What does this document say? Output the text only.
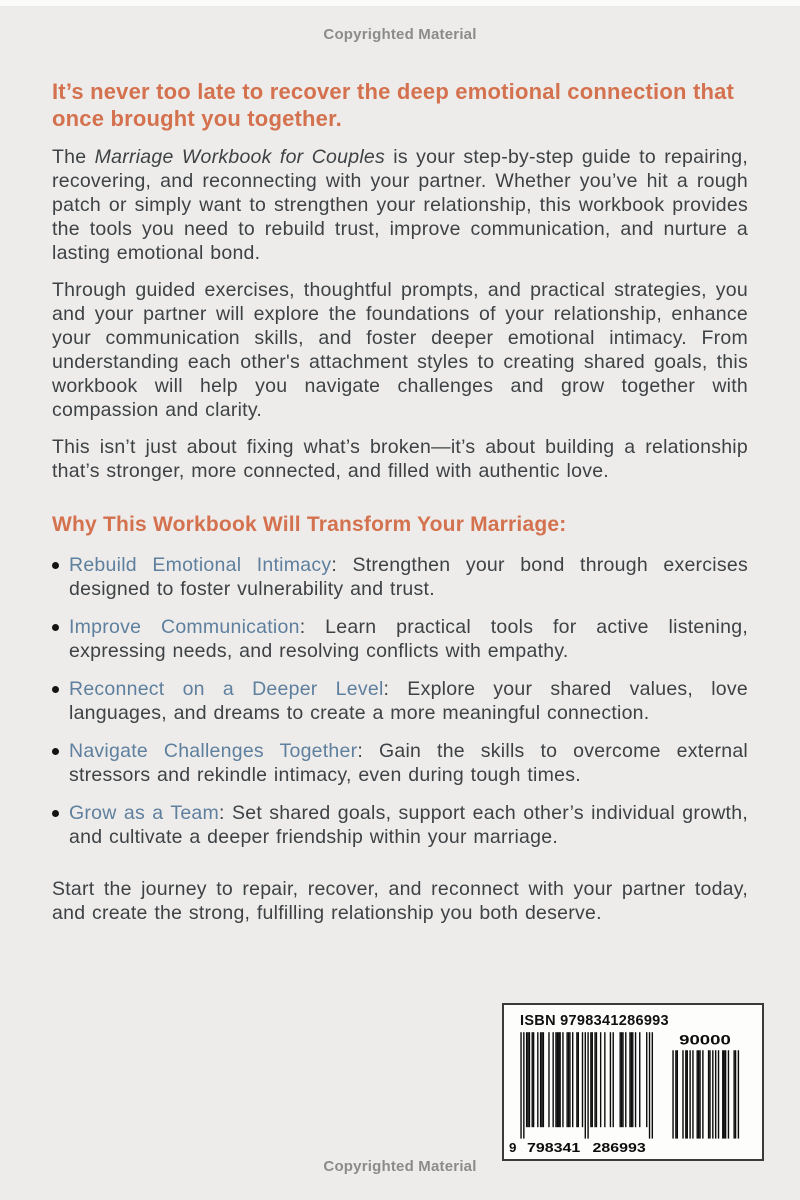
Copyrighted Material
It’s never too late to recover the deep emotional connection that once brought you together.

The Marriage Workbook for Couples is your step-by-step guide to repairing, recovering, and reconnecting with your partner. Whether you’ve hit a rough patch or simply want to strengthen your relationship, this workbook provides the tools you need to rebuild trust, improve communication, and nurture a lasting emotional bond.

Through guided exercises, thoughtful prompts, and practical strategies, you and your partner will explore the foundations of your relationship, enhance your communication skills, and foster deeper emotional intimacy. From understanding each other's attachment styles to creating shared goals, this workbook will help you navigate challenges and grow together with compassion and clarity.

This isn’t just about fixing what’s broken—it’s about building a relationship that’s stronger, more connected, and filled with authentic love.

Why This Workbook Will Transform Your Marriage:
Rebuild Emotional Intimacy: Strengthen your bond through exercises designed to foster vulnerability and trust.
Improve Communication: Learn practical tools for active listening, expressing needs, and resolving conflicts with empathy.
Reconnect on a Deeper Level: Explore your shared values, love languages, and dreams to create a more meaningful connection.
Navigate Challenges Together: Gain the skills to overcome external stressors and rekindle intimacy, even during tough times.
Grow as a Team: Set shared goals, support each other’s individual growth, and cultivate a deeper friendship within your marriage.

Start the journey to repair, recover, and reconnect with your partner today, and create the strong, fulfilling relationship you both deserve.

ISBN 9798341286993
9 798341 286993
90000
Copyrighted Material
